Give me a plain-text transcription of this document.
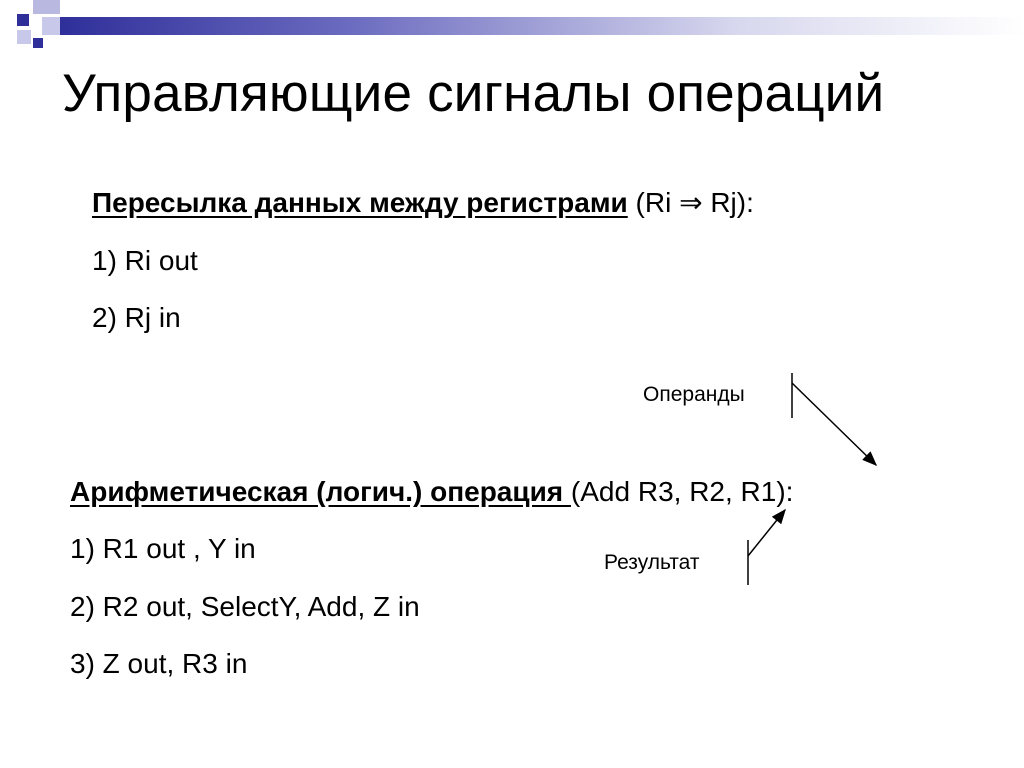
Управляющие сигналы операций
Пересылка данных между регистрами (Ri ⇒ Rj):
1) Ri out
2) Rj in
Операнды
Результат
Арифметическая (логич.) операция (Add R3, R2, R1):
1) R1 out , Y in
2) R2 out, SelectY, Add, Z in
3) Z out, R3 in
